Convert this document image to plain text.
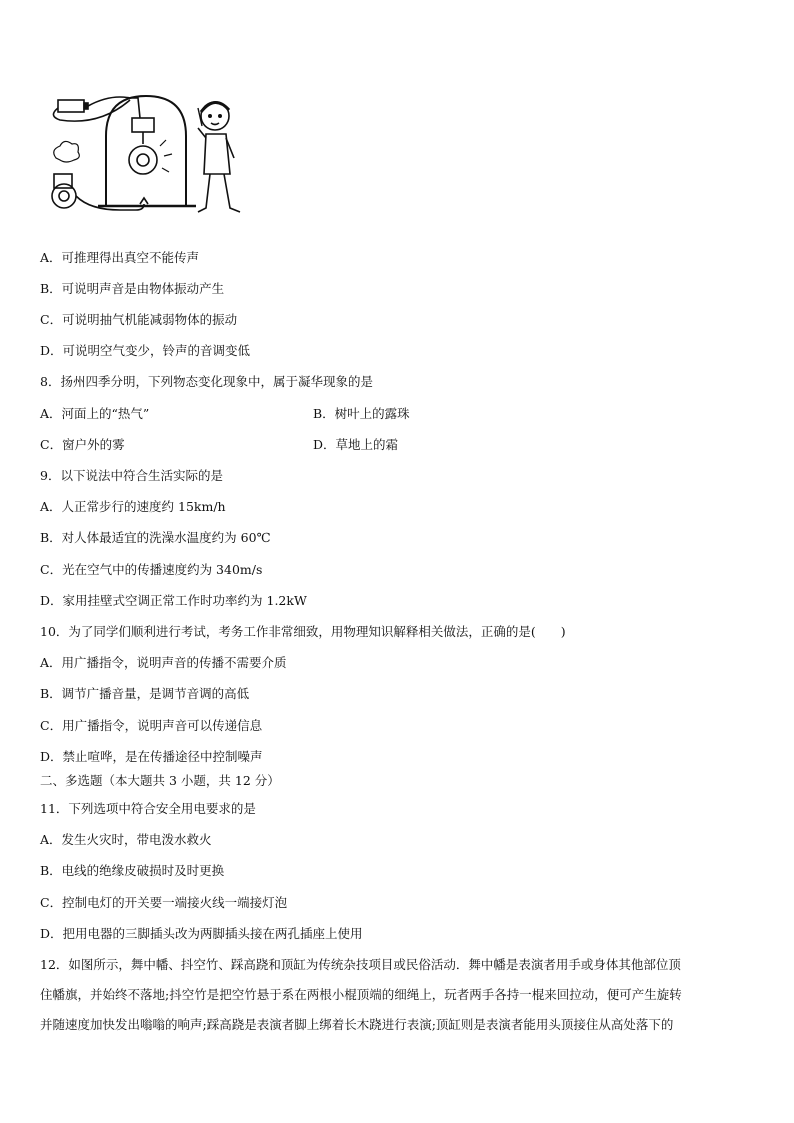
A．可推理得出真空不能传声
B．可说明声音是由物体振动产生
C．可说明抽气机能减弱物体的振动
D．可说明空气变少，铃声的音调变低
8．扬州四季分明，下列物态变化现象中，属于凝华现象的是
A．河面上的“热气”	B．树叶上的露珠
C．窗户外的雾	D．草地上的霜
9．以下说法中符合生活实际的是
A．人正常步行的速度约 15km/h
B．对人体最适宜的洗澡水温度约为 60℃
C．光在空气中的传播速度约为 340m/s
D．家用挂壁式空调正常工作时功率约为 1.2kW
10．为了同学们顺利进行考试，考务工作非常细致，用物理知识解释相关做法，正确的是(　　)
A．用广播指令，说明声音的传播不需要介质
B．调节广播音量，是调节音调的高低
C．用广播指令，说明声音可以传递信息
D．禁止喧哗，是在传播途径中控制噪声
二、多选题（本大题共 3 小题，共 12 分）
11．下列选项中符合安全用电要求的是
A．发生火灾时，带电泼水救火
B．电线的绝缘皮破损时及时更换
C．控制电灯的开关要一端接火线一端接灯泡
D．把用电器的三脚插头改为两脚插头接在两孔插座上使用
12．如图所示，舞中幡、抖空竹、踩高跷和顶缸为传统杂技项目或民俗活动．舞中幡是表演者用手或身体其他部位顶
住幡旗，并始终不落地;抖空竹是把空竹悬于系在两根小棍顶端的细绳上，玩者两手各持一棍来回拉动，便可产生旋转
并随速度加快发出嗡嗡的响声;踩高跷是表演者脚上绑着长木跷进行表演;顶缸则是表演者能用头顶接住从高处落下的
